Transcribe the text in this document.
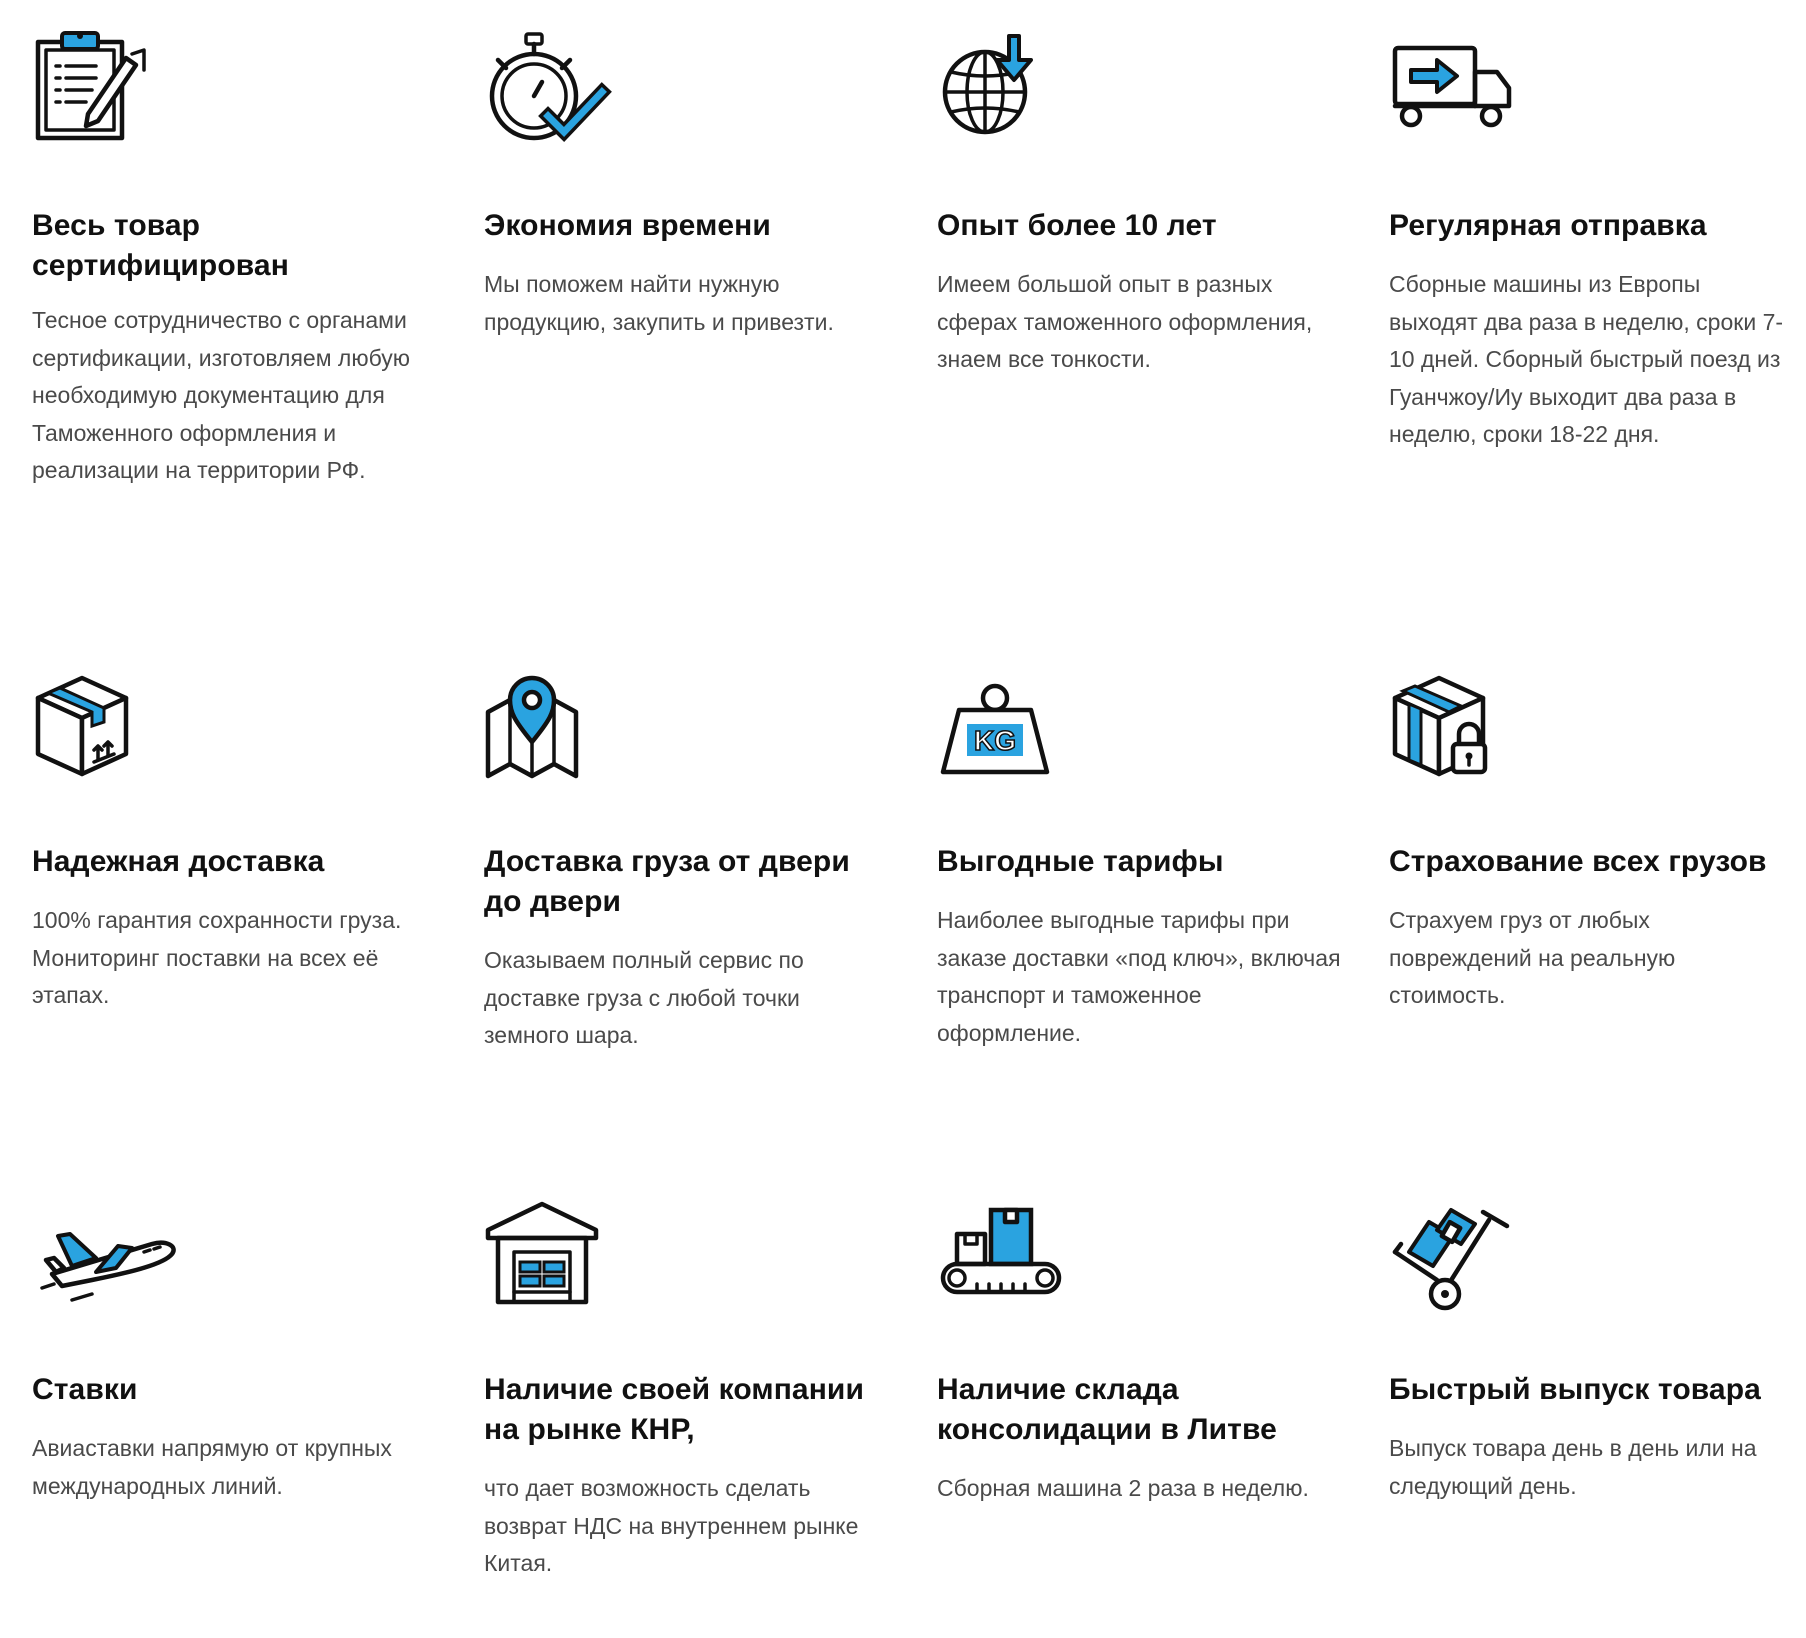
Весь товар сертифицирован

Тесное сотрудничество с органами сертификации, изготовляем любую необходимую документацию для Таможенного оформления и реализации на территории РФ.

Экономия времени

Мы поможем найти нужную продукцию, закупить и привезти.

Опыт более 10 лет

Имеем большой опыт в разных сферах таможенного оформления, знаем все тонкости.

Регулярная отправка

Сборные машины из Европы выходят два раза в неделю, сроки 7-10 дней. Сборный быстрый поезд из Гуанчжоу/Иу выходит два раза в неделю, сроки 18-22 дня.

Надежная доставка

100% гарантия сохранности груза. Мониторинг поставки на всех её этапах.

Доставка груза от двери до двери

Оказываем полный сервис по доставке груза с любой точки земного шара.

KG
Выгодные тарифы

Наиболее выгодные тарифы при заказе доставки «под ключ», включая транспорт и таможенное оформление.

Страхование всех грузов

Страхуем груз от любых повреждений на реальную стоимость.

Ставки

Авиаставки напрямую от крупных международных линий.

Наличие своей компании на рынке КНР,

что дает возможность сделать возврат НДС на внутреннем рынке Китая.

Наличие склада консолидации в Литве

Сборная машина 2 раза в неделю.

Быстрый выпуск товара

Выпуск товара день в день или на следующий день.
